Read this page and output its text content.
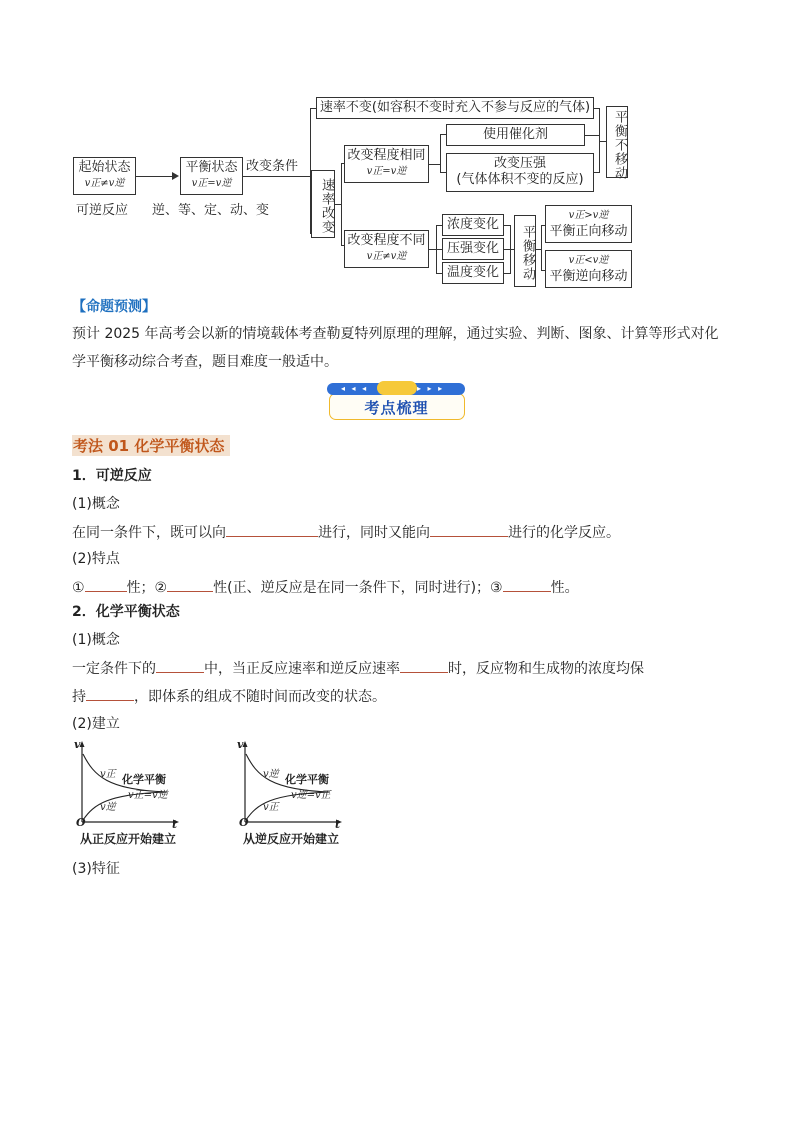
起始状态
v正≠v逆
可逆反应
平衡状态
v正=v逆
逆、等、定、动、变
改变条件
速率不变(如容积不变时充入不参与反应的气体)
速率改变
改变程度相同
v正=v逆
使用催化剂
改变压强
(气体体积不变的反应)	平衡不移动
改变程度不同
v正≠v逆
浓度变化
压强变化
温度变化	平衡移动
v正>v逆
平衡正向移动
v正<v逆
平衡逆向移动
【命题预测】
预计 2025 年高考会以新的情境载体考查勒夏特列原理的理解，通过实验、判断、图象、计算等形式对化
学平衡移动综合考查，题目难度一般适中。
◂ ◂ ◂	▸ ▸ ▸
考点梳理
考法 01 化学平衡状态
1．可逆反应
(1)概念
在同一条件下，既可以向	进行，同时又能向	进行的化学反应。
(2)特点
①	性；②	性(正、逆反应是在同一条件下，同时进行)；③	性。
2．化学平衡状态
(1)概念
一定条件下的	中，当正反应速率和逆反应速率	时，反应物和生成物的浓度均保
持	，即体系的组成不随时间而改变的状态。
(2)建立
v
t
O
v正
v逆
化学平衡
v正=v逆
从正反应开始建立
v
t
O
v逆
v正
化学平衡
v逆=v正
从逆反应开始建立
(3)特征
